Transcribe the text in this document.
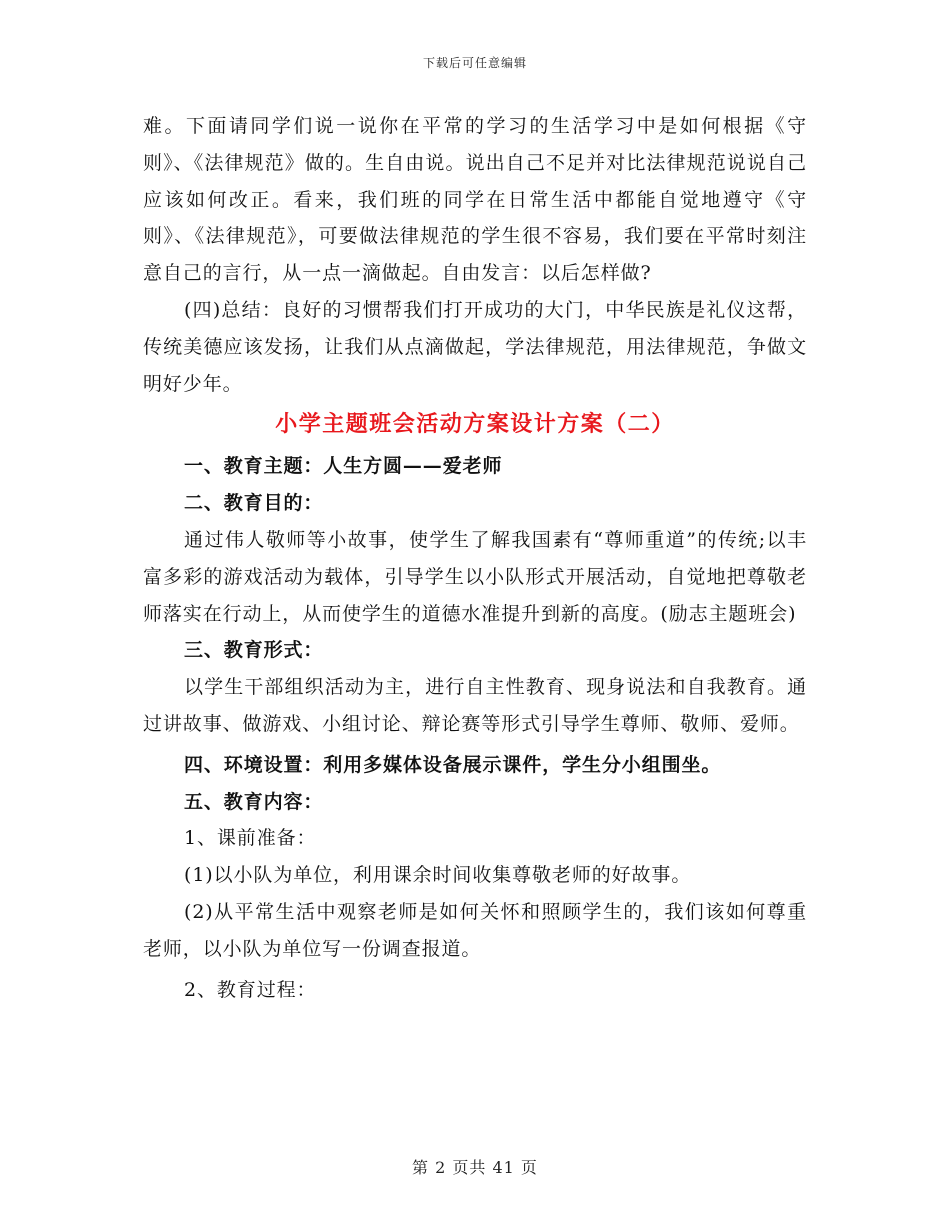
下载后可任意编辑

难。下面请同学们说一说你在平常的学习的生活学习中是如何根据《守则》、《法律规范》做的。生自由说。说出自己不足并对比法律规范说说自己应该如何改正。看来，我们班的同学在日常生活中都能自觉地遵守《守则》、《法律规范》，可要做法律规范的学生很不容易，我们要在平常时刻注意自己的言行，从一点一滴做起。自由发言：以后怎样做?

(四)总结：良好的习惯帮我们打开成功的大门，中华民族是礼仪这帮，传统美德应该发扬，让我们从点滴做起，学法律规范，用法律规范，争做文明好少年。

小学主题班会活动方案设计方案（二）

一、教育主题：人生方圆——爱老师

二、教育目的：

通过伟人敬师等小故事，使学生了解我国素有“尊师重道”的传统;以丰富多彩的游戏活动为载体，引导学生以小队形式开展活动，自觉地把尊敬老师落实在行动上，从而使学生的道德水准提升到新的高度。(励志主题班会)

三、教育形式：

以学生干部组织活动为主，进行自主性教育、现身说法和自我教育。通过讲故事、做游戏、小组讨论、辩论赛等形式引导学生尊师、敬师、爱师。

四、环境设置：利用多媒体设备展示课件，学生分小组围坐。

五、教育内容：

1、课前准备：

(1)以小队为单位，利用课余时间收集尊敬老师的好故事。

(2)从平常生活中观察老师是如何关怀和照顾学生的，我们该如何尊重老师，以小队为单位写一份调查报道。

2、教育过程：

第 2 页共 41 页
